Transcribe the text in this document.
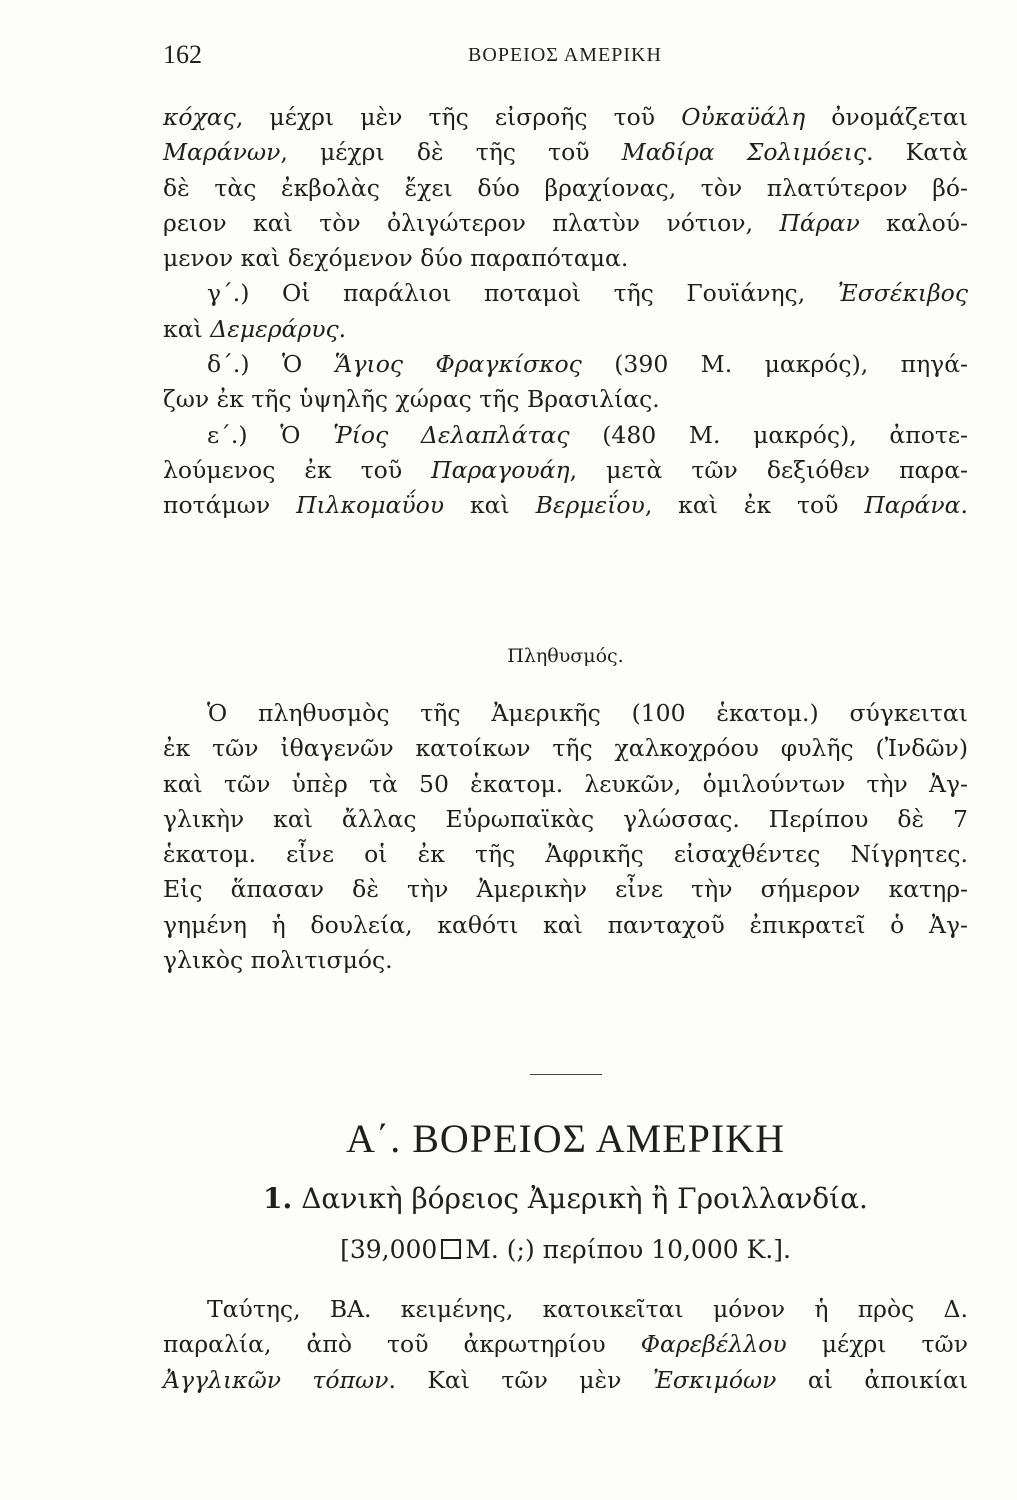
162	ΒΟΡΕΙΟΣ ΑΜΕΡΙΚΗ
κόχας, μέχρι μὲν τῆς εἰσροῆς τοῦ Οὐκαϋάλη ὀνομάζεται
Μαράνων, μέχρι δὲ τῆς τοῦ Μαδίρα Σολιμόεις. Κατὰ
δὲ τὰς ἐκβολὰς ἔχει δύο βραχίονας, τὸν πλατύτερον βό-
ρειον καὶ τὸν ὀλιγώτερον πλατὺν νότιον, Πάραν καλού-
μενον καὶ δεχόμενον δύο παραπόταμα.
γ΄.) Οἱ παράλιοι ποταμοὶ τῆς Γουϊάνης, Ἐσσέκιβος
καὶ Δεμεράρυς.
δ΄.) Ὁ Ἅγιος Φραγκίσκος (390 Μ. μακρός), πηγά-
ζων ἐκ τῆς ὑψηλῆς χώρας τῆς Βρασιλίας.
ε΄.) Ὁ Ῥίος Δελαπλάτας (480 Μ. μακρός), ἀποτε-
λούμενος ἐκ τοῦ Παραγουάη, μετὰ τῶν δεξιόθεν παρα-
ποτάμων Πιλκομαΰου καὶ Βερμεΐου, καὶ ἐκ τοῦ Παράνα.
Πληθυσμός.
Ὁ πληθυσμὸς τῆς Ἀμερικῆς (100 ἑκατομ.) σύγκειται
ἐκ τῶν ἰθαγενῶν κατοίκων τῆς χαλκοχρόου φυλῆς (Ἰνδῶν)
καὶ τῶν ὑπὲρ τὰ 50 ἑκατομ. λευκῶν, ὁμιλούντων τὴν Ἀγ-
γλικὴν καὶ ἄλλας Εὐρωπαϊκὰς γλώσσας. Περίπου δὲ 7
ἑκατομ. εἶνε οἱ ἐκ τῆς Ἀφρικῆς εἰσαχθέντες Νίγρητες.
Εἰς ἅπασαν δὲ τὴν Ἀμερικὴν εἶνε τὴν σήμερον κατηρ-
γημένη ἡ δουλεία, καθότι καὶ πανταχοῦ ἐπικρατεῖ ὁ Ἀγ-
γλικὸς πολιτισμός.
Α΄. ΒΟΡΕΙΟΣ ΑΜΕΡΙΚΗ
1. Δανικὴ βόρειος Ἀμερικὴ ἢ Γροιλλανδία.
[39,000 Μ. (;) περίπου 10,000 Κ.].
Ταύτης, ΒΑ. κειμένης, κατοικεῖται μόνον ἡ πρὸς Δ.
παραλία, ἀπὸ τοῦ ἀκρωτηρίου Φαρεβέλλου μέχρι τῶν
Ἀγγλικῶν τόπων. Καὶ τῶν μὲν Ἐσκιμόων αἱ ἀποικίαι
